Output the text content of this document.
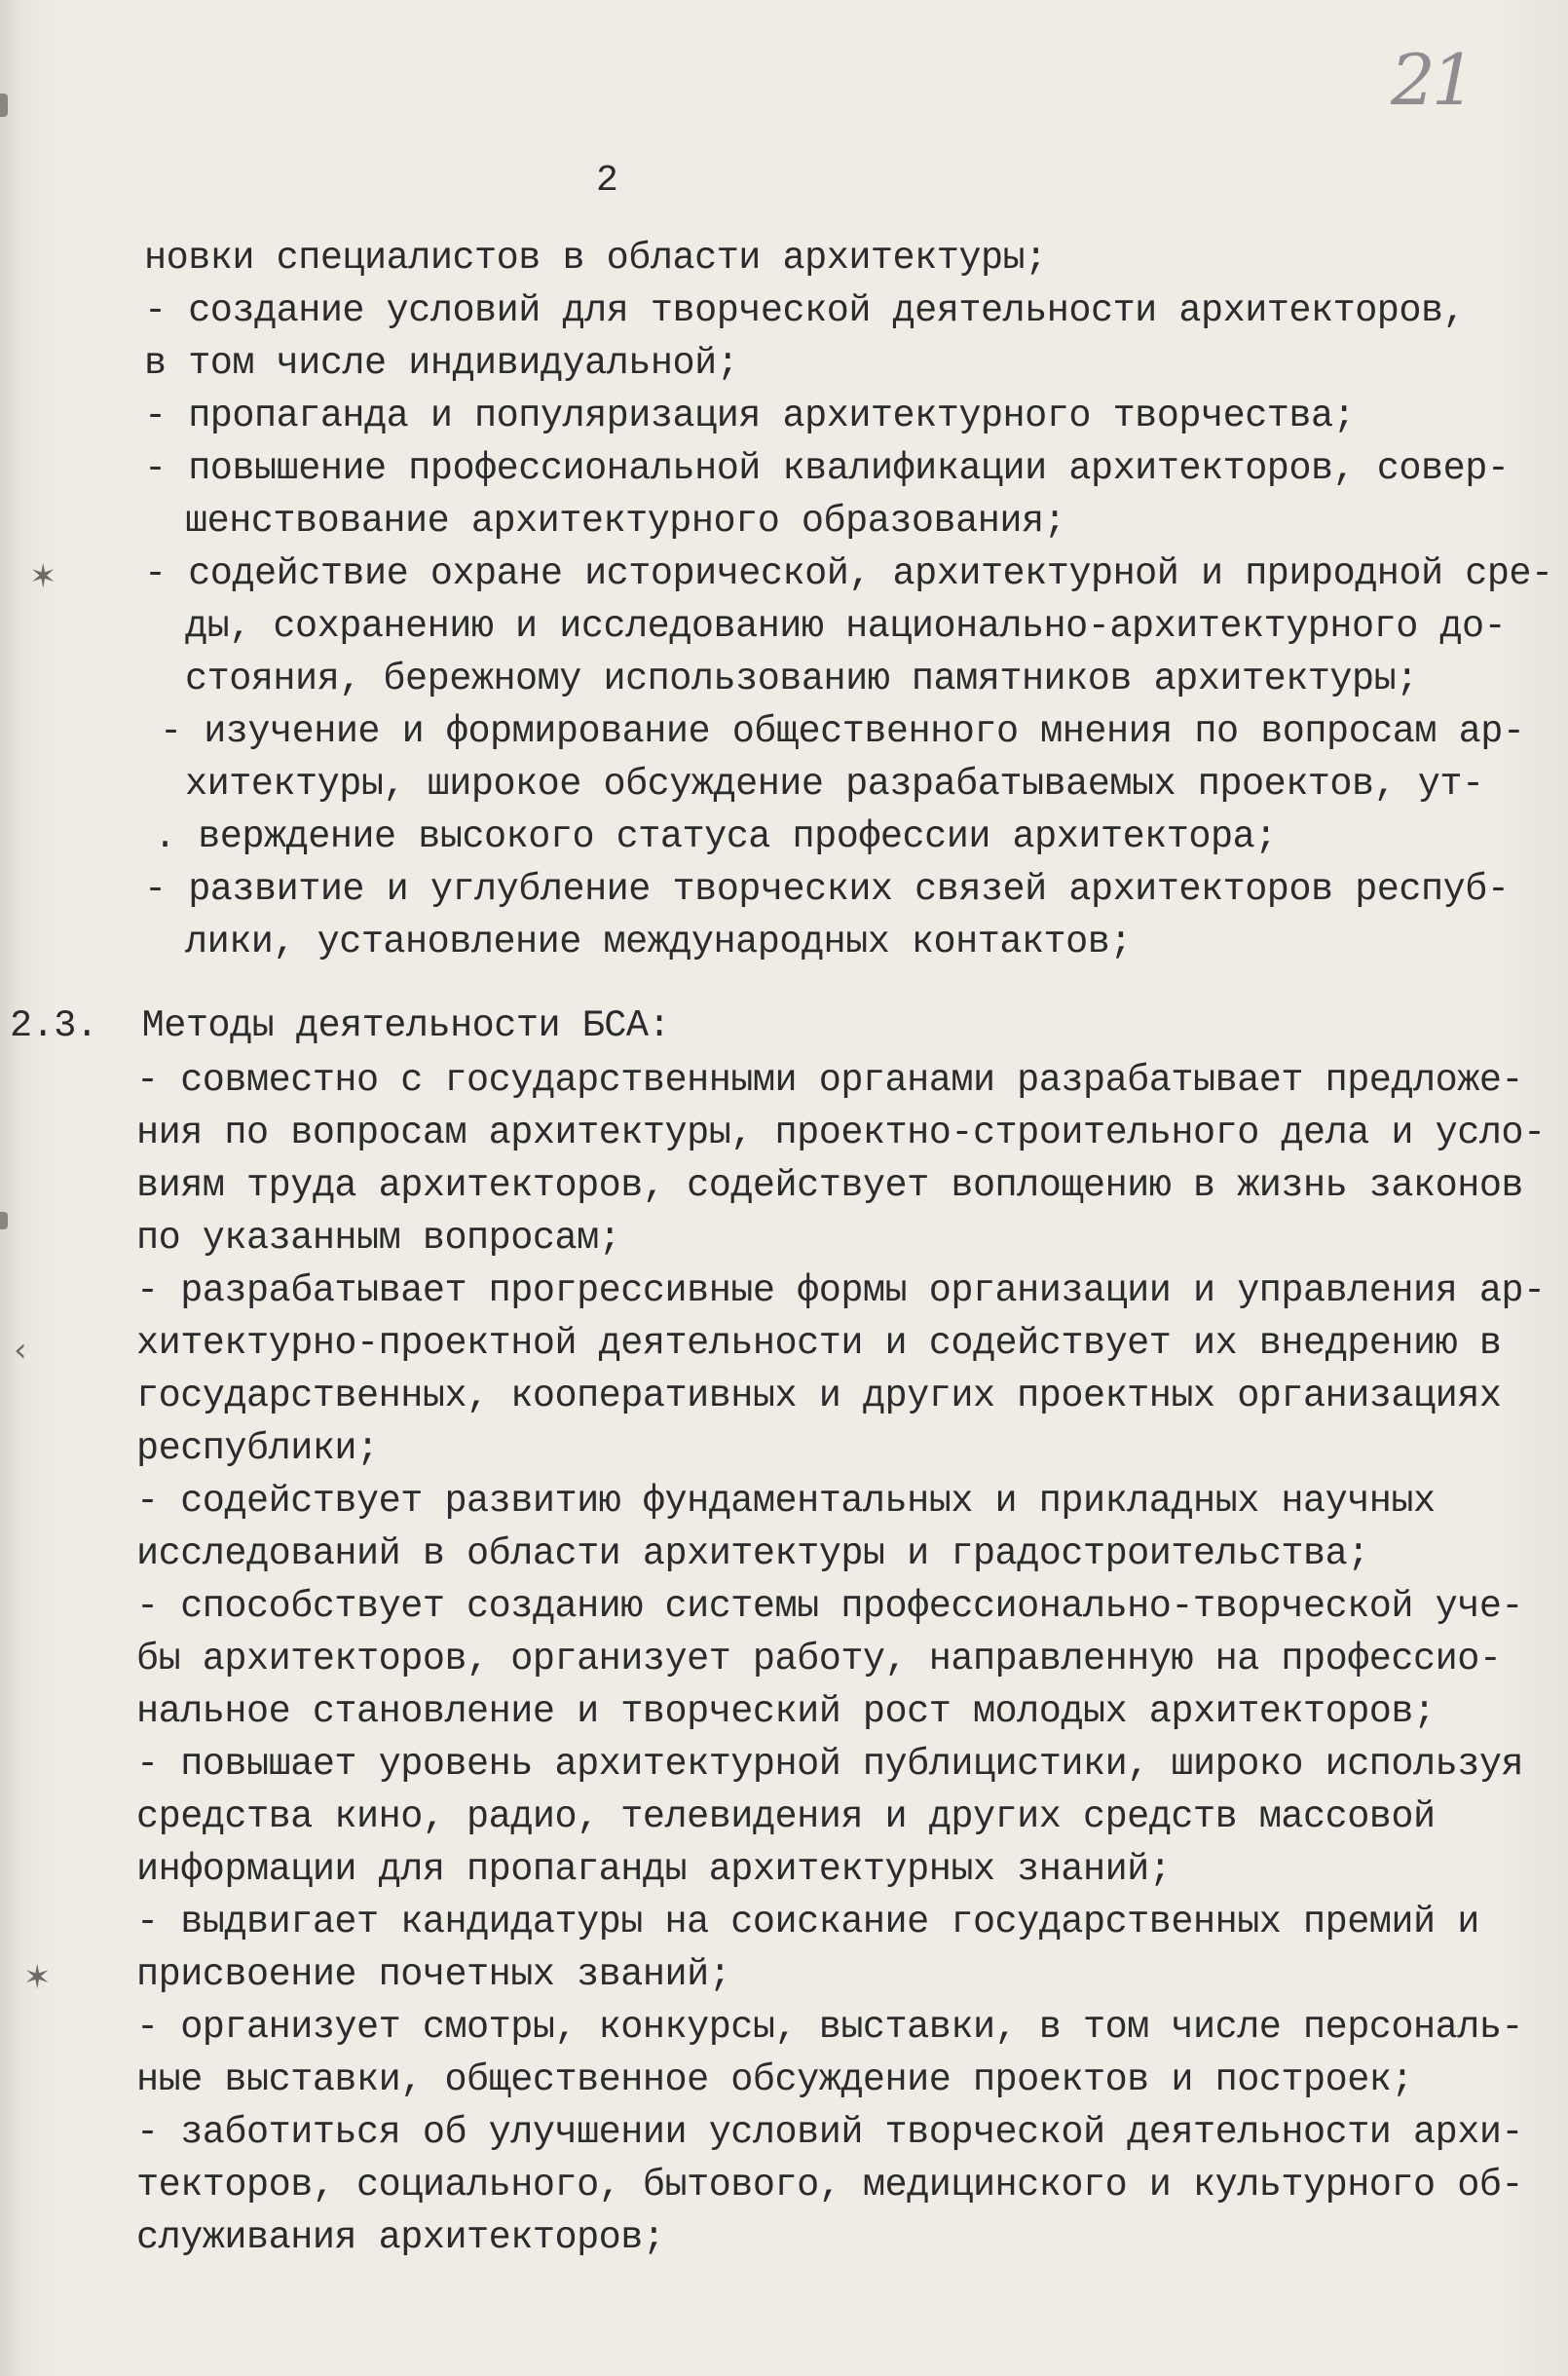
21
2
✶
‹
✶
новки специалистов в области архитектуры;
- создание условий для творческой деятельности архитекторов,
в том числе индивидуальной;
- пропаганда и популяризация архитектурного творчества;
- повышение профессиональной квалификации архитекторов, совер-
шенствование архитектурного образования;
- содействие охране исторической, архитектурной и природной сре-
ды, сохранению и исследованию национально-архитектурного до-
стояния, бережному использованию памятников архитектуры;
- изучение и формирование общественного мнения по вопросам ар-
хитектуры, широкое обсуждение разрабатываемых проектов, ут-
. верждение высокого статуса профессии архитектора;
- развитие и углубление творческих связей архитекторов респуб-
лики, установление международных контактов;
2.3.  Методы деятельности БСА:
- совместно с государственными органами разрабатывает предложе-
ния по вопросам архитектуры, проектно-строительного дела и усло-
виям труда архитекторов, содействует воплощению в жизнь законов
по указанным вопросам;
- разрабатывает прогрессивные формы организации и управления ар-
хитектурно-проектной деятельности и содействует их внедрению в
государственных, кооперативных и других проектных организациях
республики;
- содействует развитию фундаментальных и прикладных научных
исследований в области архитектуры и градостроительства;
- способствует созданию системы профессионально-творческой уче-
бы архитекторов, организует работу, направленную на профессио-
нальное становление и творческий рост молодых архитекторов;
- повышает уровень архитектурной публицистики, широко используя
средства кино, радио, телевидения и других средств массовой
информации для пропаганды архитектурных знаний;
- выдвигает кандидатуры на соискание государственных премий и
присвоение почетных званий;
- организует смотры, конкурсы, выставки, в том числе персональ-
ные выставки, общественное обсуждение проектов и построек;
- заботиться об улучшении условий творческой деятельности архи-
текторов, социального, бытового, медицинского и культурного об-
служивания архитекторов;
